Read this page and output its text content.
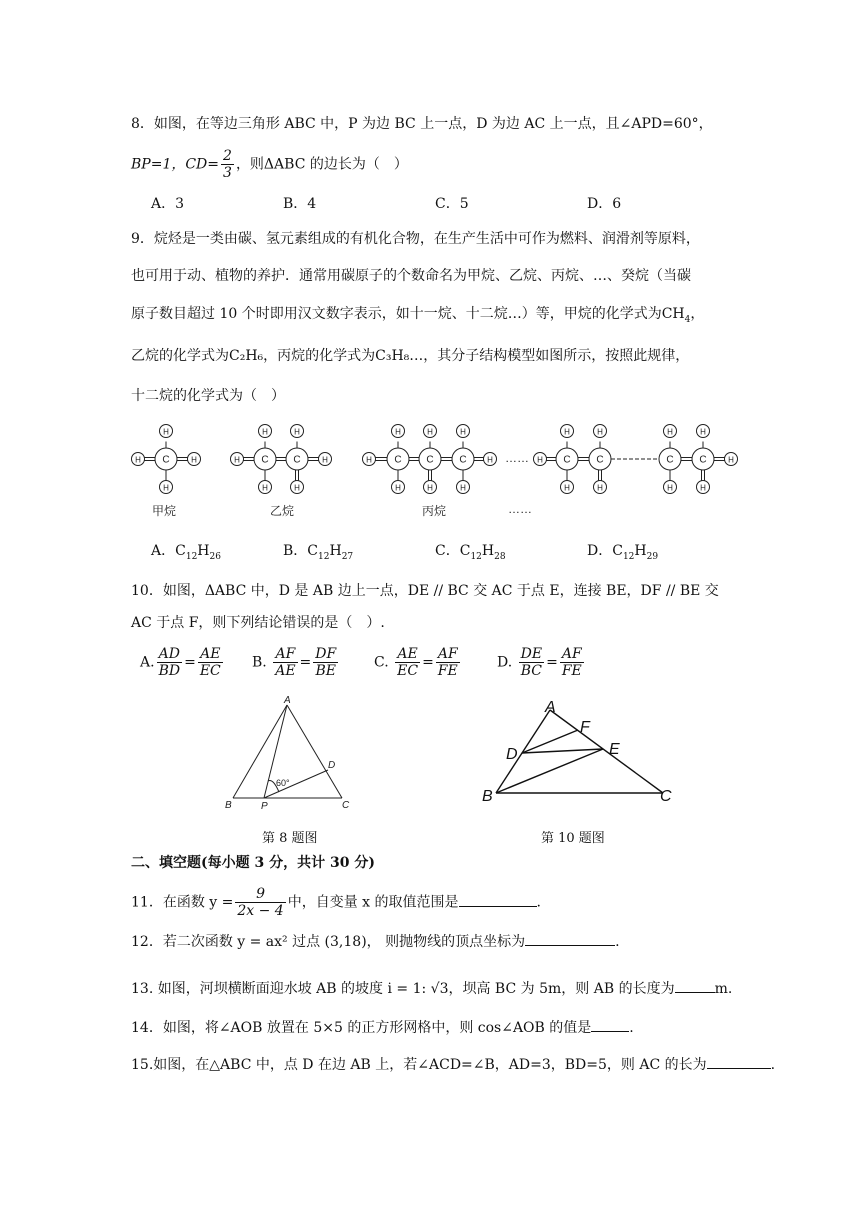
8．如图，在等边三角形 ABC 中，P 为边 BC 上一点，D 为边 AC 上一点，且∠APD=60°，
BP=1，$CD= \frac{2}{3}$ ，则ΔABC 的边长为（　）
A．3	B．4	C．5	D．6
9．烷烃是一类由碳、氢元素组成的有机化合物，在生产生活中可作为燃料、润滑剂等原料，
也可用于动、植物的养护．通常用碳原子的个数命名为甲烷、乙烷、丙烷、…、癸烷（当碳
原子数目超过 10 个时即用汉文数字表示，如十一烷、十二烷…）等，甲烷的化学式为$CH_4$，
乙烷的化学式为C₂H₆，丙烷的化学式为C₃H₈…，其分子结构模型如图所示，按照此规律，
十二烷的化学式为（　）
H
H
C
H	H
H
H
C
H
H
C
H	H
H
H
C
H
H
C
H
H
C
H	H
H
H
C
H
H
C
H
H
H
C
H
H
C	H
甲烷	乙烷	丙烷	……
……
A．$C_{12}H_{26}$	B．$C_{12}H_{27}$	C．$C_{12}H_{28}$	D．$C_{12}H_{29}$
10．如图，ΔABC 中，D 是 AB 边上一点，DE // BC 交 AC 于点 E，连接 BE，DF // BE 交
AC 于点 F，则下列结论错误的是（　）.
A. $\frac{AD}{BD} = \frac{AE}{EC} B$. $\frac{AF}{AE} = \frac{DF}{BE}$	C. $\frac{AE}{EC} = \frac{AF}{FE}$	D. $\frac{DE}{BC} = \frac{AF}{FE}$
A
B	P	C
D
60°
第 8 题图
A
F
D	E
B	C
第 10 题图
二、填空题(每小题 3 分，共计 30 分)
11．在函数 $y = \frac{9}{2x - 4}$ 中，自变量 x 的取值范围是	.
12．若二次函数 y = ax² 过点 (3,18)， 则抛物线的顶点坐标为	.
13. 如图，河坝横断面迎水坡 AB 的坡度 i = 1: √3，坝高 BC 为 5m，则 AB 的长度为	m.
14．如图，将∠AOB 放置在 5×5 的正方形网格中，则 cos∠AOB 的值是	.
15.如图，在△ABC 中，点 D 在边 AB 上，若∠ACD=∠B，AD=3，BD=5，则 AC 的长为	.
